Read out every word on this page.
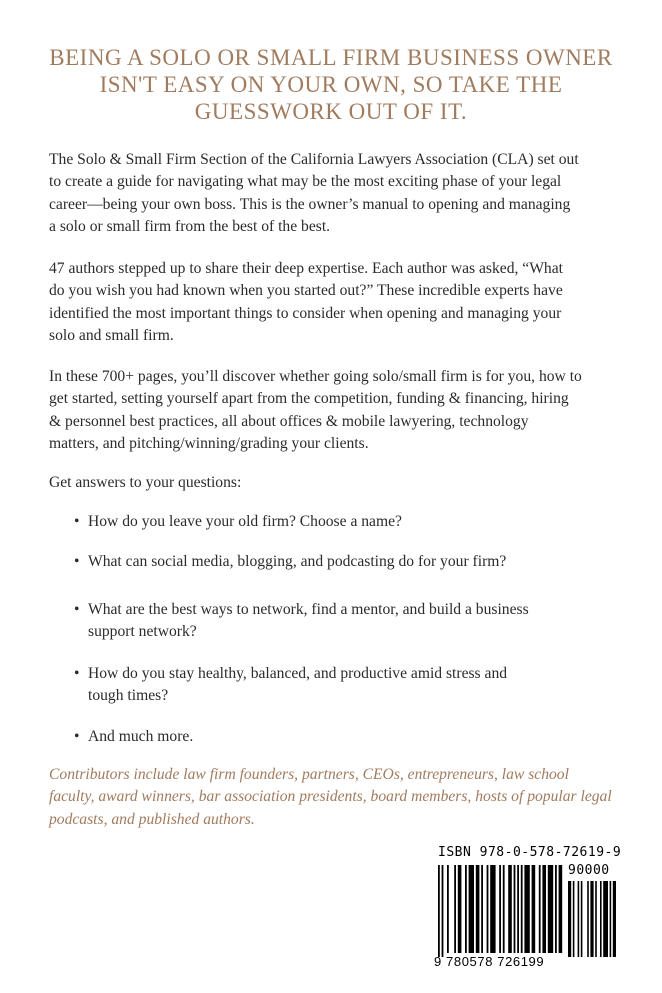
BEING A SOLO OR SMALL FIRM BUSINESS OWNER
ISN'T EASY ON YOUR OWN, SO TAKE THE
GUESSWORK OUT OF IT.
The Solo & Small Firm Section of the California Lawyers Association (CLA) set out
to create a guide for navigating what may be the most exciting phase of your legal
career—being your own boss. This is the owner’s manual to opening and managing
a solo or small firm from the best of the best.
47 authors stepped up to share their deep expertise. Each author was asked, “What
do you wish you had known when you started out?” These incredible experts have
identified the most important things to consider when opening and managing your
solo and small firm.
In these 700+ pages, you’ll discover whether going solo/small firm is for you, how to
get started, setting yourself apart from the competition, funding & financing, hiring
& personnel best practices, all about offices & mobile lawyering, technology
matters, and pitching/winning/grading your clients.
Get answers to your questions:
• How do you leave your old firm? Choose a name?
• What can social media, blogging, and podcasting do for your firm?
• What are the best ways to network, find a mentor, and build a business
support network?
• How do you stay healthy, balanced, and productive amid stress and
tough times?
• And much more.
Contributors include law firm founders, partners, CEOs, entrepreneurs, law school
faculty, award winners, bar association presidents, board members, hosts of popular legal
podcasts, and published authors.
ISBN 978-0-578-72619-9
90000
9 780578 726199
